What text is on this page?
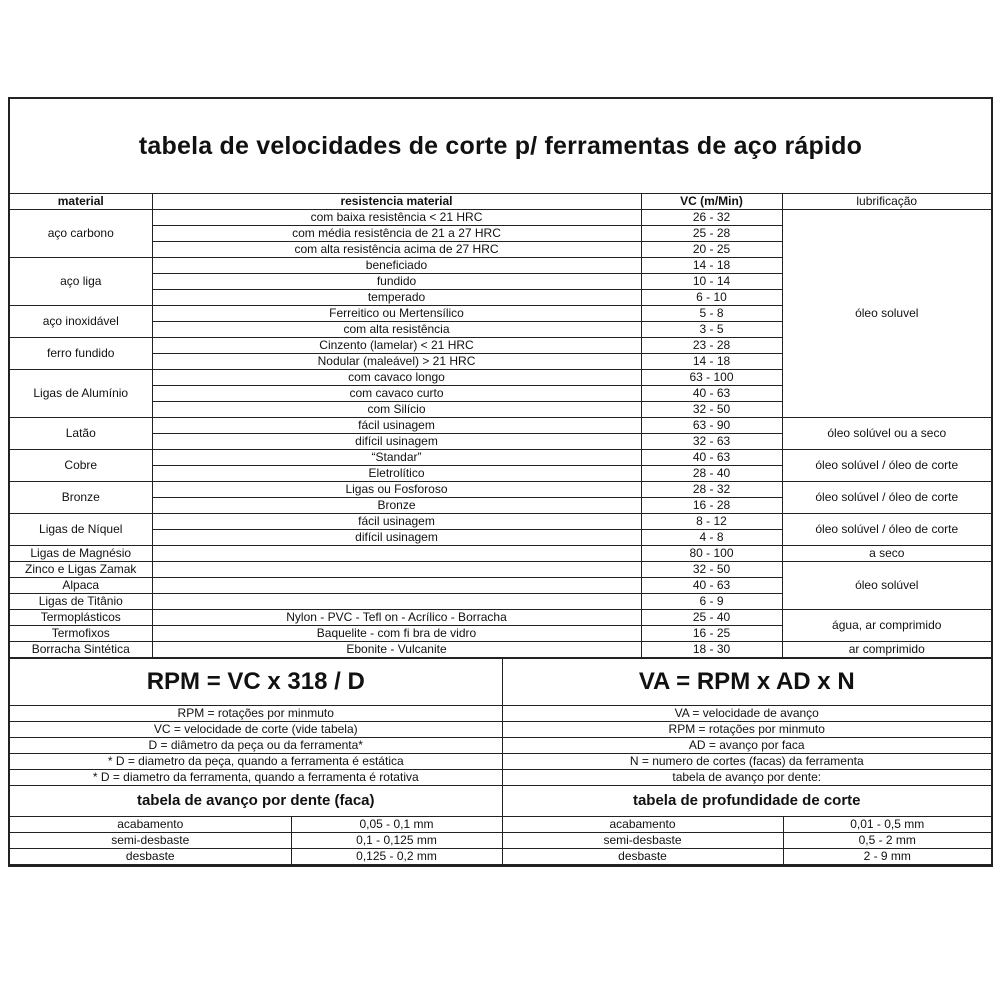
tabela de velocidades de corte p/ ferramentas de aço rápido
material	resistencia material	VC (m/Min)	lubrificação
aço carbono	com baixa resistência < 21 HRC	26 - 32	óleo soluvel
	com média resistência de 21 a 27 HRC	25 - 28	
	com alta resistência acima de 27 HRC	20 - 25	
aço liga	beneficiado	14 - 18	
	fundido	10 - 14	
	temperado	6 - 10	
aço inoxidável	Ferreitico ou Mertensílico	5 - 8	
	com alta resistência	3 - 5	
ferro fundido	Cinzento (lamelar) < 21 HRC	23 - 28	
	Nodular (maleável) > 21 HRC	14 - 18	
Ligas de Alumínio	com cavaco longo	63 - 100	
	com cavaco curto	40 - 63	
	com Silício	32 - 50	
Latão	fácil usinagem	63 - 90	óleo solúvel ou a seco
	difícil usinagem	32 - 63	
Cobre	“Standar”	40 - 63	óleo solúvel / óleo de corte
	Eletrolítico	28 - 40	
Bronze	Ligas ou Fosforoso	28 - 32	óleo solúvel / óleo de corte
	Bronze	16 - 28	
Ligas de Níquel	fácil usinagem	8 - 12	óleo solúvel / óleo de corte
	difícil usinagem	4 - 8	
Ligas de Magnésio		80 - 100	a seco
Zinco e Ligas Zamak		32 - 50	óleo solúvel
Alpaca		40 - 63	
Ligas de Titânio		6 - 9	
Termoplásticos	Nylon - PVC - Tefl on - Acrílico - Borracha	25 - 40	água, ar comprimido
Termofixos	Baquelite - com fi bra de vidro	16 - 25	
Borracha Sintética	Ebonite - Vulcanite	18 - 30	ar comprimido
RPM = VC x 318 / D	VA = RPM x AD x N
RPM = rotações por minmuto	VA = velocidade de avanço
VC = velocidade de corte (vide tabela)	RPM = rotações por minmuto
D = diâmetro da peça ou da ferramenta*	AD = avanço por faca
* D = diametro da peça, quando a ferramenta é estática	N = numero de cortes (facas) da ferramenta
* D = diametro da ferramenta, quando a ferramenta é rotativa	tabela de avanço por dente:
tabela de avanço por dente (faca)	tabela de profundidade de corte
acabamento	0,05 - 0,1 mm	acabamento	0,01 - 0,5 mm
semi-desbaste	0,1 - 0,125 mm	semi-desbaste	0,5 - 2 mm
desbaste	0,125 - 0,2 mm	desbaste	2 - 9 mm
